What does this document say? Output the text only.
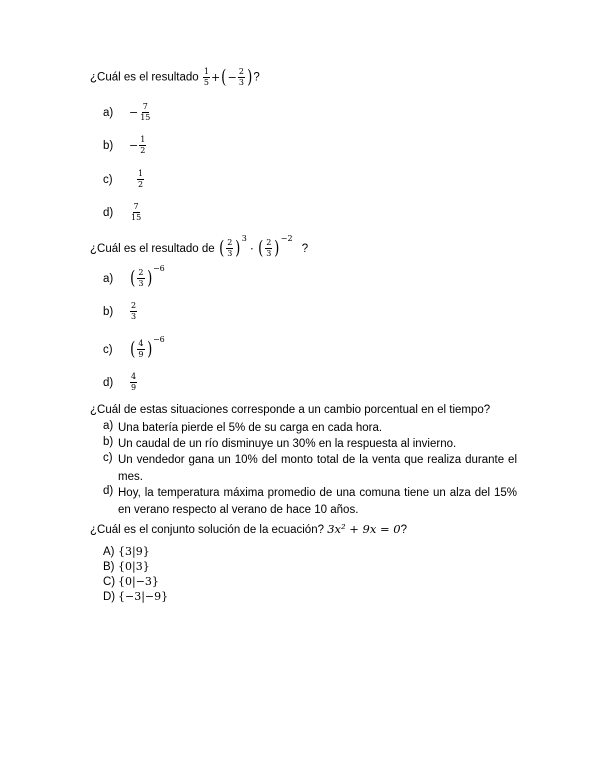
¿Cuál es el resultado $\frac{1}{5}$ +(− $\frac{2}{3}$ )?
$a) - \frac{7}{15}$
$b) - \frac{1}{2}$
c)	$\frac{1}{2}$
$d) \frac{7}{15}$
¿Cuál es el resultado de ( $\frac{2}{3} )^3$ · ( $\frac{2}{3} )^{-2}$ ?
a) ( $\frac{2}{3} )^{-6}$
$b) \frac{2}{3}$
c) ( $\frac{4}{9} )^{-6}$
$d) \frac{4}{9}$
¿Cuál de estas situaciones corresponde a un cambio porcentual en el tiempo?
a) Una batería pierde el 5% de su carga en cada hora.
b) Un caudal de un río disminuye un 30% en la respuesta al invierno.
c) Un vendedor gana un 10% del monto total de la venta que realiza durante el mes.
d) Hoy, la temperatura máxima promedio de una comuna tiene un alza del 15% en verano respecto al verano de hace 10 años.
¿Cuál es el conjunto solución de la ecuación? 3x² + 9x = 0?
A) {3|9}
B) {0|3}
C) {0|−3}
D) {−3|−9}
